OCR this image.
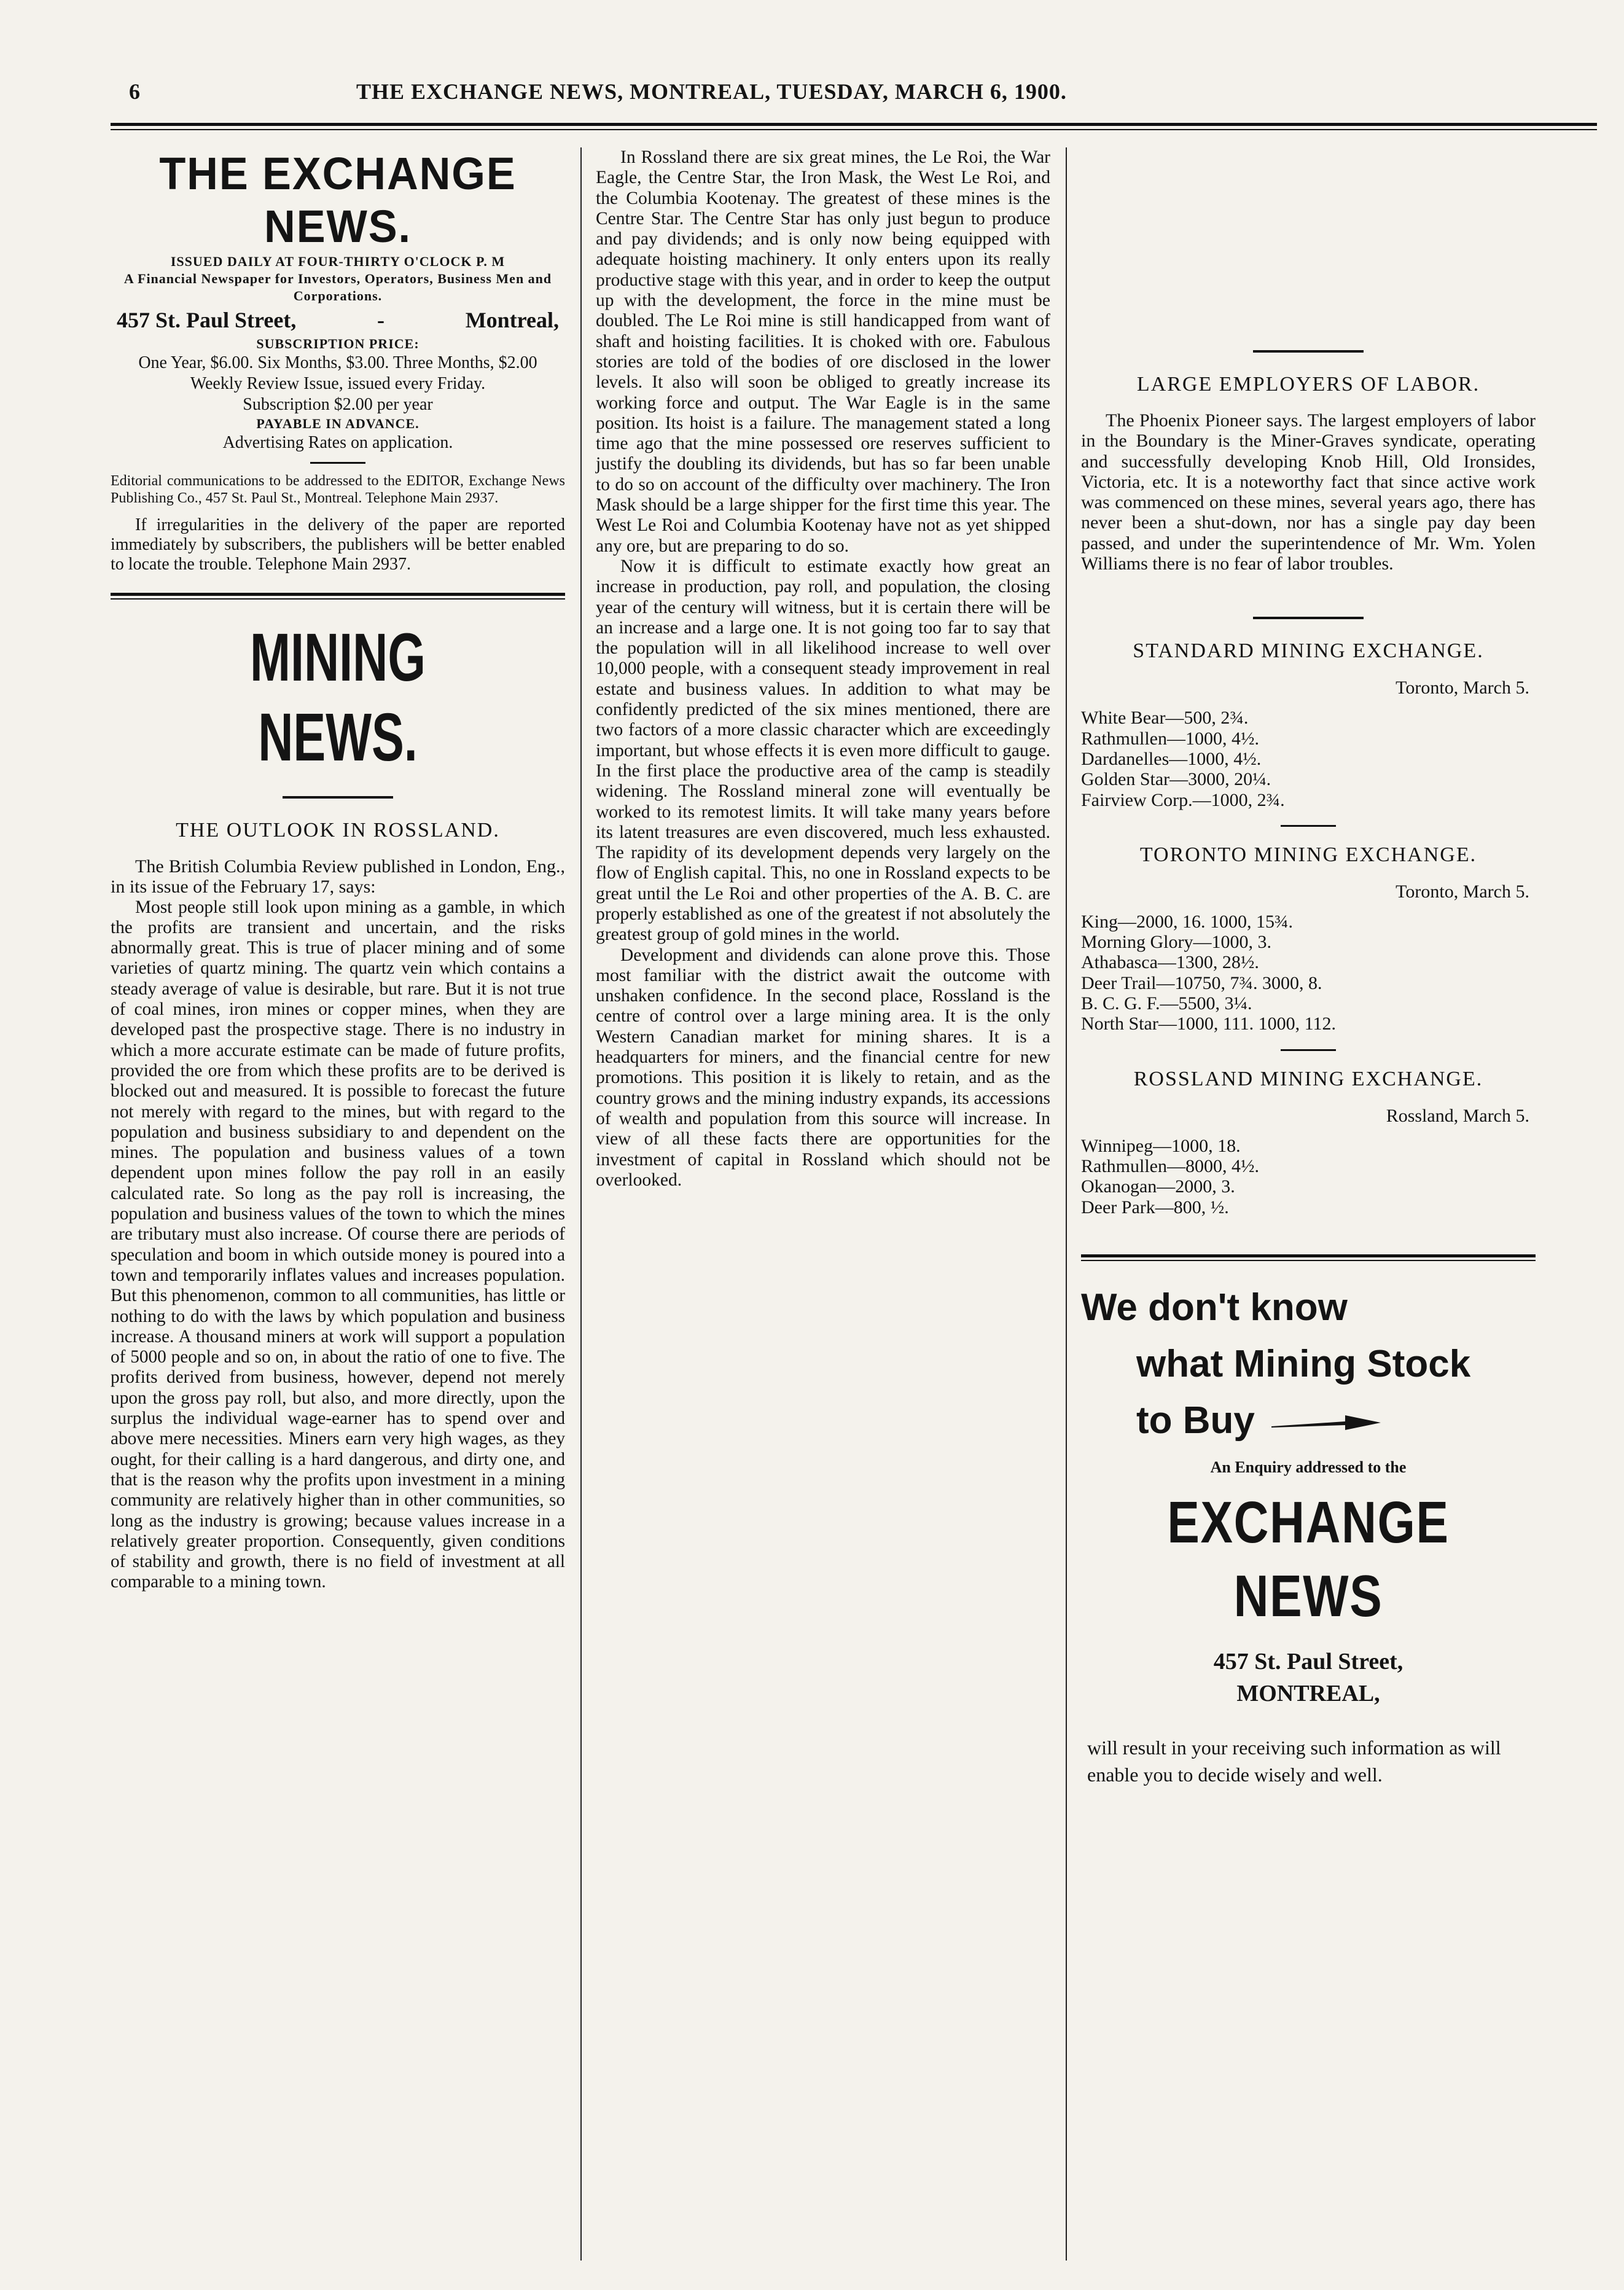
6	THE EXCHANGE NEWS, MONTREAL, TUESDAY, MARCH 6, 1900.
THE EXCHANGE NEWS.
ISSUED DAILY AT FOUR-THIRTY O'CLOCK P. M
A Financial Newspaper for Investors, Operators, Business Men and Corporations.
457 St. Paul Street,	-	Montreal,
SUBSCRIPTION PRICE:
One Year, $6.00. Six Months, $3.00. Three Months, $2.00
Weekly Review Issue, issued every Friday.
Subscription $2.00 per year
PAYABLE IN ADVANCE.
Advertising Rates on application.
Editorial communications to be addressed to the EDITOR, Exchange News Publishing Co., 457 St. Paul St., Montreal. Telephone Main 2937.
If irregularities in the delivery of the paper are reported immediately by subscribers, the publishers will be better enabled to locate the trouble. Telephone Main 2937.
MINING NEWS.
THE OUTLOOK IN ROSSLAND.

The British Columbia Review published in London, Eng., in its issue of the February 17, says:

Most people still look upon mining as a gamble, in which the profits are transient and uncertain, and the risks abnormally great. This is true of placer mining and of some varieties of quartz mining. The quartz vein which contains a steady average of value is desirable, but rare. But it is not true of coal mines, iron mines or copper mines, when they are developed past the prospective stage. There is no industry in which a more accurate estimate can be made of future profits, provided the ore from which these profits are to be derived is blocked out and measured. It is possible to forecast the future not merely with regard to the mines, but with regard to the population and business subsidiary to and dependent on the mines. The population and business values of a town dependent upon mines follow the pay roll in an easily calculated rate. So long as the pay roll is increasing, the population and business values of the town to which the mines are tributary must also increase. Of course there are periods of speculation and boom in which outside money is poured into a town and temporarily inflates values and increases population. But this phenomenon, common to all communities, has little or nothing to do with the laws by which population and business increase. A thousand miners at work will support a population of 5000 people and so on, in about the ratio of one to five. The profits derived from business, however, depend not merely upon the gross pay roll, but also, and more directly, upon the surplus the individual wage-earner has to spend over and above mere necessities. Miners earn very high wages, as they ought, for their calling is a hard dangerous, and dirty one, and that is the reason why the profits upon investment in a mining community are relatively higher than in other communities, so long as the industry is growing; because values increase in a relatively greater proportion. Consequently, given conditions of stability and growth, there is no field of investment at all comparable to a mining town.

In Rossland there are six great mines, the Le Roi, the War Eagle, the Centre Star, the Iron Mask, the West Le Roi, and the Columbia Kootenay. The greatest of these mines is the Centre Star. The Centre Star has only just begun to produce and pay dividends; and is only now being equipped with adequate hoisting machinery. It only enters upon its really productive stage with this year, and in order to keep the output up with the development, the force in the mine must be doubled. The Le Roi mine is still handicapped from want of shaft and hoisting facilities. It is choked with ore. Fabulous stories are told of the bodies of ore disclosed in the lower levels. It also will soon be obliged to greatly increase its working force and output. The War Eagle is in the same position. Its hoist is a failure. The management stated a long time ago that the mine possessed ore reserves sufficient to justify the doubling its dividends, but has so far been unable to do so on account of the difficulty over machinery. The Iron Mask should be a large shipper for the first time this year. The West Le Roi and Columbia Kootenay have not as yet shipped any ore, but are preparing to do so.

Now it is difficult to estimate exactly how great an increase in production, pay roll, and population, the closing year of the century will witness, but it is certain there will be an increase and a large one. It is not going too far to say that the population will in all likelihood increase to well over 10,000 people, with a consequent steady improvement in real estate and business values. In addition to what may be confidently predicted of the six mines mentioned, there are two factors of a more classic character which are exceedingly important, but whose effects it is even more difficult to gauge. In the first place the productive area of the camp is steadily widening. The Rossland mineral zone will eventually be worked to its remotest limits. It will take many years before its latent treasures are even discovered, much less exhausted. The rapidity of its development depends very largely on the flow of English capital. This, no one in Rossland expects to be great until the Le Roi and other properties of the A. B. C. are properly established as one of the greatest if not absolutely the greatest group of gold mines in the world.

Development and dividends can alone prove this. Those most familiar with the district await the outcome with unshaken confidence. In the second place, Rossland is the centre of control over a large mining area. It is the only Western Canadian market for mining shares. It is a headquarters for miners, and the financial centre for new promotions. This position it is likely to retain, and as the country grows and the mining industry expands, its accessions of wealth and population from this source will increase. In view of all these facts there are opportunities for the investment of capital in Rossland which should not be overlooked.

LARGE EMPLOYERS OF LABOR.

The Phoenix Pioneer says. The largest employers of labor in the Boundary is the Miner-Graves syndicate, operating and successfully developing Knob Hill, Old Ironsides, Victoria, etc. It is a noteworthy fact that since active work was commenced on these mines, several years ago, there has never been a shut-down, nor has a single pay day been passed, and under the superintendence of Mr. Wm. Yolen Williams there is no fear of labor troubles.

STANDARD MINING EXCHANGE.
Toronto, March 5.
White Bear—500, 2¾.
Rathmullen—1000, 4½.
Dardanelles—1000, 4½.
Golden Star—3000, 20¼.
Fairview Corp.—1000, 2¾.
TORONTO MINING EXCHANGE.
Toronto, March 5.
King—2000, 16. 1000, 15¾.
Morning Glory—1000, 3.
Athabasca—1300, 28½.
Deer Trail—10750, 7¾. 3000, 8.
B. C. G. F.—5500, 3¼.
North Star—1000, 111. 1000, 112.
ROSSLAND MINING EXCHANGE.
Rossland, March 5.
Winnipeg—1000, 18.
Rathmullen—8000, 4½.
Okanogan—2000, 3.
Deer Park—800, ½.
We don't know
what Mining Stock
to Buy
An Enquiry addressed to the
EXCHANGE NEWS
457 St. Paul Street,
MONTREAL,
will result in your receiving such information as will enable you to decide wisely and well.
